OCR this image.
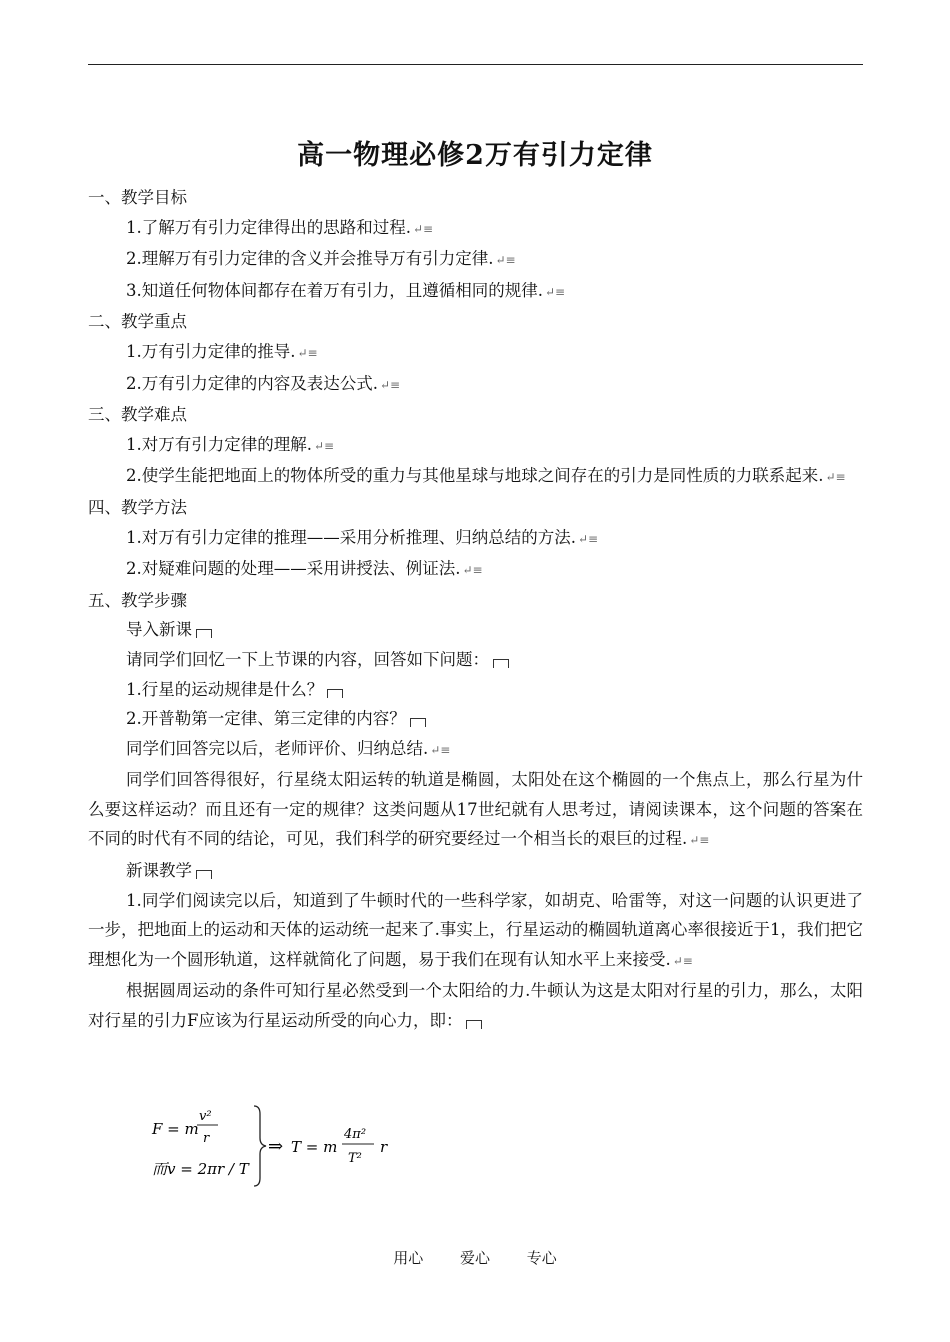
高一物理必修2万有引力定律
一、教学目标
1.了解万有引力定律得出的思路和过程. ↵≡
2.理解万有引力定律的含义并会推导万有引力定律. ↵≡
3.知道任何物体间都存在着万有引力，且遵循相同的规律. ↵≡
二、教学重点
1.万有引力定律的推导. ↵≡
2.万有引力定律的内容及表达公式. ↵≡
三、教学难点
1.对万有引力定律的理解. ↵≡
2.使学生能把地面上的物体所受的重力与其他星球与地球之间存在的引力是同性质的力联系起来. ↵≡
四、教学方法
1.对万有引力定律的推理——采用分析推理、归纳总结的方法. ↵≡
2.对疑难问题的处理——采用讲授法、例证法. ↵≡
五、教学步骤
导入新课
请同学们回忆一下上节课的内容，回答如下问题：
1.行星的运动规律是什么？
2.开普勒第一定律、第三定律的内容？
同学们回答完以后，老师评价、归纳总结. ↵≡
同学们回答得很好，行星绕太阳运转的轨道是椭圆，太阳处在这个椭圆的一个焦点上，那么行星为什么要这样运动？而且还有一定的规律？这类问题从17世纪就有人思考过，请阅读课本，这个问题的答案在不同的时代有不同的结论，可见，我们科学的研究要经过一个相当长的艰巨的过程. ↵≡
新课教学
1.同学们阅读完以后，知道到了牛顿时代的一些科学家，如胡克、哈雷等，对这一问题的认识更进了一步，把地面上的运动和天体的运动统一起来了.事实上，行星运动的椭圆轨道离心率很接近于1，我们把它理想化为一个圆形轨道，这样就简化了问题，易于我们在现有认知水平上来接受. ↵≡
根据圆周运动的条件可知行星必然受到一个太阳给的力.牛顿认为这是太阳对行星的引力，那么，太阳对行星的引力F应该为行星运动所受的向心力，即：
F = m
v²
r
而v = 2πr / T
⇒ T = m
4π²
T²
r
用心 爱心 专心
